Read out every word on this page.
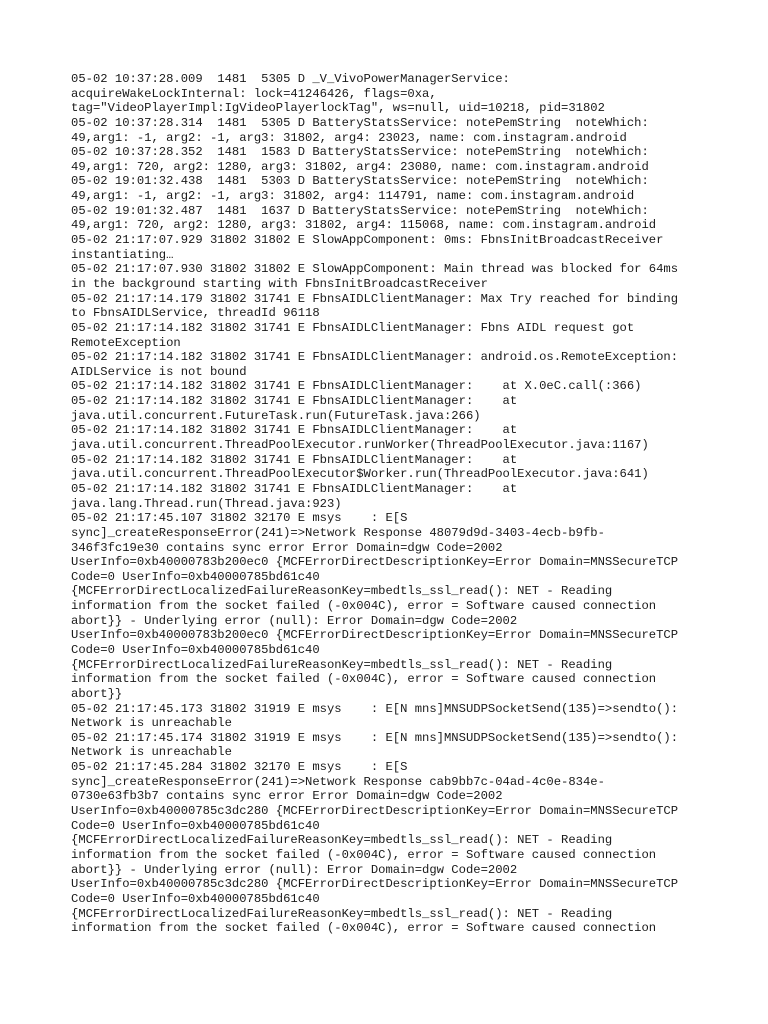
05-02 10:37:28.009  1481  5305 D _V_VivoPowerManagerService:
acquireWakeLockInternal: lock=41246426, flags=0xa,
tag="VideoPlayerImpl:IgVideoPlayerlockTag", ws=null, uid=10218, pid=31802
05-02 10:37:28.314  1481  5305 D BatteryStatsService: notePemString  noteWhich:
49,arg1: -1, arg2: -1, arg3: 31802, arg4: 23023, name: com.instagram.android
05-02 10:37:28.352  1481  1583 D BatteryStatsService: notePemString  noteWhich:
49,arg1: 720, arg2: 1280, arg3: 31802, arg4: 23080, name: com.instagram.android
05-02 19:01:32.438  1481  5303 D BatteryStatsService: notePemString  noteWhich:
49,arg1: -1, arg2: -1, arg3: 31802, arg4: 114791, name: com.instagram.android
05-02 19:01:32.487  1481  1637 D BatteryStatsService: notePemString  noteWhich:
49,arg1: 720, arg2: 1280, arg3: 31802, arg4: 115068, name: com.instagram.android
05-02 21:17:07.929 31802 31802 E SlowAppComponent: 0ms: FbnsInitBroadcastReceiver
instantiating…
05-02 21:17:07.930 31802 31802 E SlowAppComponent: Main thread was blocked for 64ms
in the background starting with FbnsInitBroadcastReceiver
05-02 21:17:14.179 31802 31741 E FbnsAIDLClientManager: Max Try reached for binding
to FbnsAIDLService, threadId 96118
05-02 21:17:14.182 31802 31741 E FbnsAIDLClientManager: Fbns AIDL request got
RemoteException
05-02 21:17:14.182 31802 31741 E FbnsAIDLClientManager: android.os.RemoteException:
AIDLService is not bound
05-02 21:17:14.182 31802 31741 E FbnsAIDLClientManager:    at X.0eC.call(:366)
05-02 21:17:14.182 31802 31741 E FbnsAIDLClientManager:    at
java.util.concurrent.FutureTask.run(FutureTask.java:266)
05-02 21:17:14.182 31802 31741 E FbnsAIDLClientManager:    at
java.util.concurrent.ThreadPoolExecutor.runWorker(ThreadPoolExecutor.java:1167)
05-02 21:17:14.182 31802 31741 E FbnsAIDLClientManager:    at
java.util.concurrent.ThreadPoolExecutor$Worker.run(ThreadPoolExecutor.java:641)
05-02 21:17:14.182 31802 31741 E FbnsAIDLClientManager:    at
java.lang.Thread.run(Thread.java:923)
05-02 21:17:45.107 31802 32170 E msys    : E[S
sync]_createResponseError(241)=>Network Response 48079d9d-3403-4ecb-b9fb-
346f3fc19e30 contains sync error Error Domain=dgw Code=2002
UserInfo=0xb40000783b200ec0 {MCFErrorDirectDescriptionKey=Error Domain=MNSSecureTCP
Code=0 UserInfo=0xb40000785bd61c40
{MCFErrorDirectLocalizedFailureReasonKey=mbedtls_ssl_read(): NET - Reading
information from the socket failed (-0x004C), error = Software caused connection
abort}} - Underlying error (null): Error Domain=dgw Code=2002
UserInfo=0xb40000783b200ec0 {MCFErrorDirectDescriptionKey=Error Domain=MNSSecureTCP
Code=0 UserInfo=0xb40000785bd61c40
{MCFErrorDirectLocalizedFailureReasonKey=mbedtls_ssl_read(): NET - Reading
information from the socket failed (-0x004C), error = Software caused connection
abort}}
05-02 21:17:45.173 31802 31919 E msys    : E[N mns]MNSUDPSocketSend(135)=>sendto():
Network is unreachable
05-02 21:17:45.174 31802 31919 E msys    : E[N mns]MNSUDPSocketSend(135)=>sendto():
Network is unreachable
05-02 21:17:45.284 31802 32170 E msys    : E[S
sync]_createResponseError(241)=>Network Response cab9bb7c-04ad-4c0e-834e-
0730e63fb3b7 contains sync error Error Domain=dgw Code=2002
UserInfo=0xb40000785c3dc280 {MCFErrorDirectDescriptionKey=Error Domain=MNSSecureTCP
Code=0 UserInfo=0xb40000785bd61c40
{MCFErrorDirectLocalizedFailureReasonKey=mbedtls_ssl_read(): NET - Reading
information from the socket failed (-0x004C), error = Software caused connection
abort}} - Underlying error (null): Error Domain=dgw Code=2002
UserInfo=0xb40000785c3dc280 {MCFErrorDirectDescriptionKey=Error Domain=MNSSecureTCP
Code=0 UserInfo=0xb40000785bd61c40
{MCFErrorDirectLocalizedFailureReasonKey=mbedtls_ssl_read(): NET - Reading
information from the socket failed (-0x004C), error = Software caused connection
